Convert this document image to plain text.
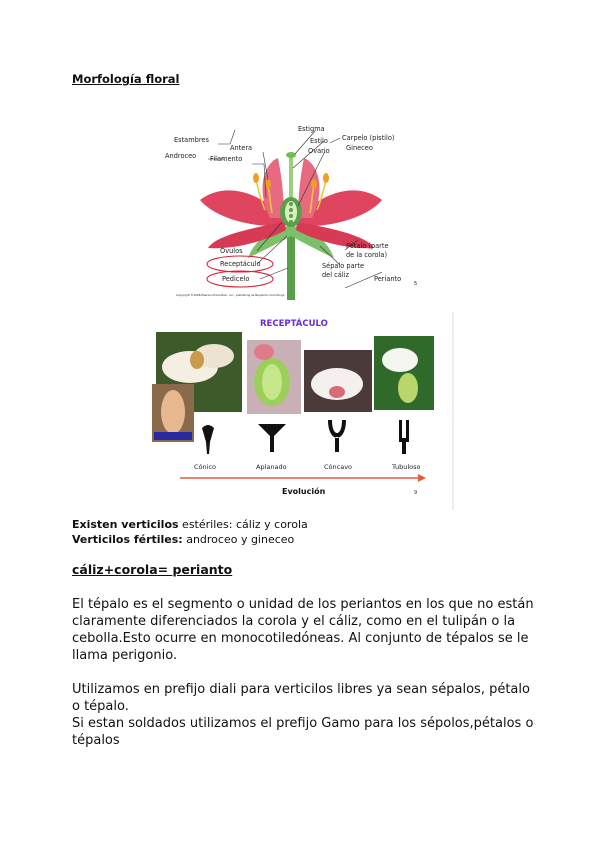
Morfología floral
Estambres
Androceo
Antera
Filamento
Estigma
Estilo
Ovario
Carpelo (pistilo)
Gineceo
Óvulos
Receptáculo
Pedicelo
Pétalo (parte
de la corola)
Sépalo parte
del cáliz	Perianto
5
Copyright ©2006 Pearson Education, Inc., publishing as Benjamin Cummings
RECEPTÁCULO
Cónico	Aplanado	Cóncavo	Tubuloso
Evolución	9
Existen verticilos estériles: cáliz y corola
Verticilos fértiles: androceo y gineceo
cáliz+corola= perianto
El tépalo es el segmento o unidad de los periantos en los que no están claramente diferenciados la corola y el cáliz, como en el tulipán o la cebolla.Esto ocurre en monocotiledóneas. Al conjunto de tépalos se le llama perigonio.
Utilizamos en prefijo diali para verticilos libres ya sean sépalos, pétalo o tépalo.
Si estan soldados utilizamos el prefijo Gamo para los sépolos,pétalos o tépalos
